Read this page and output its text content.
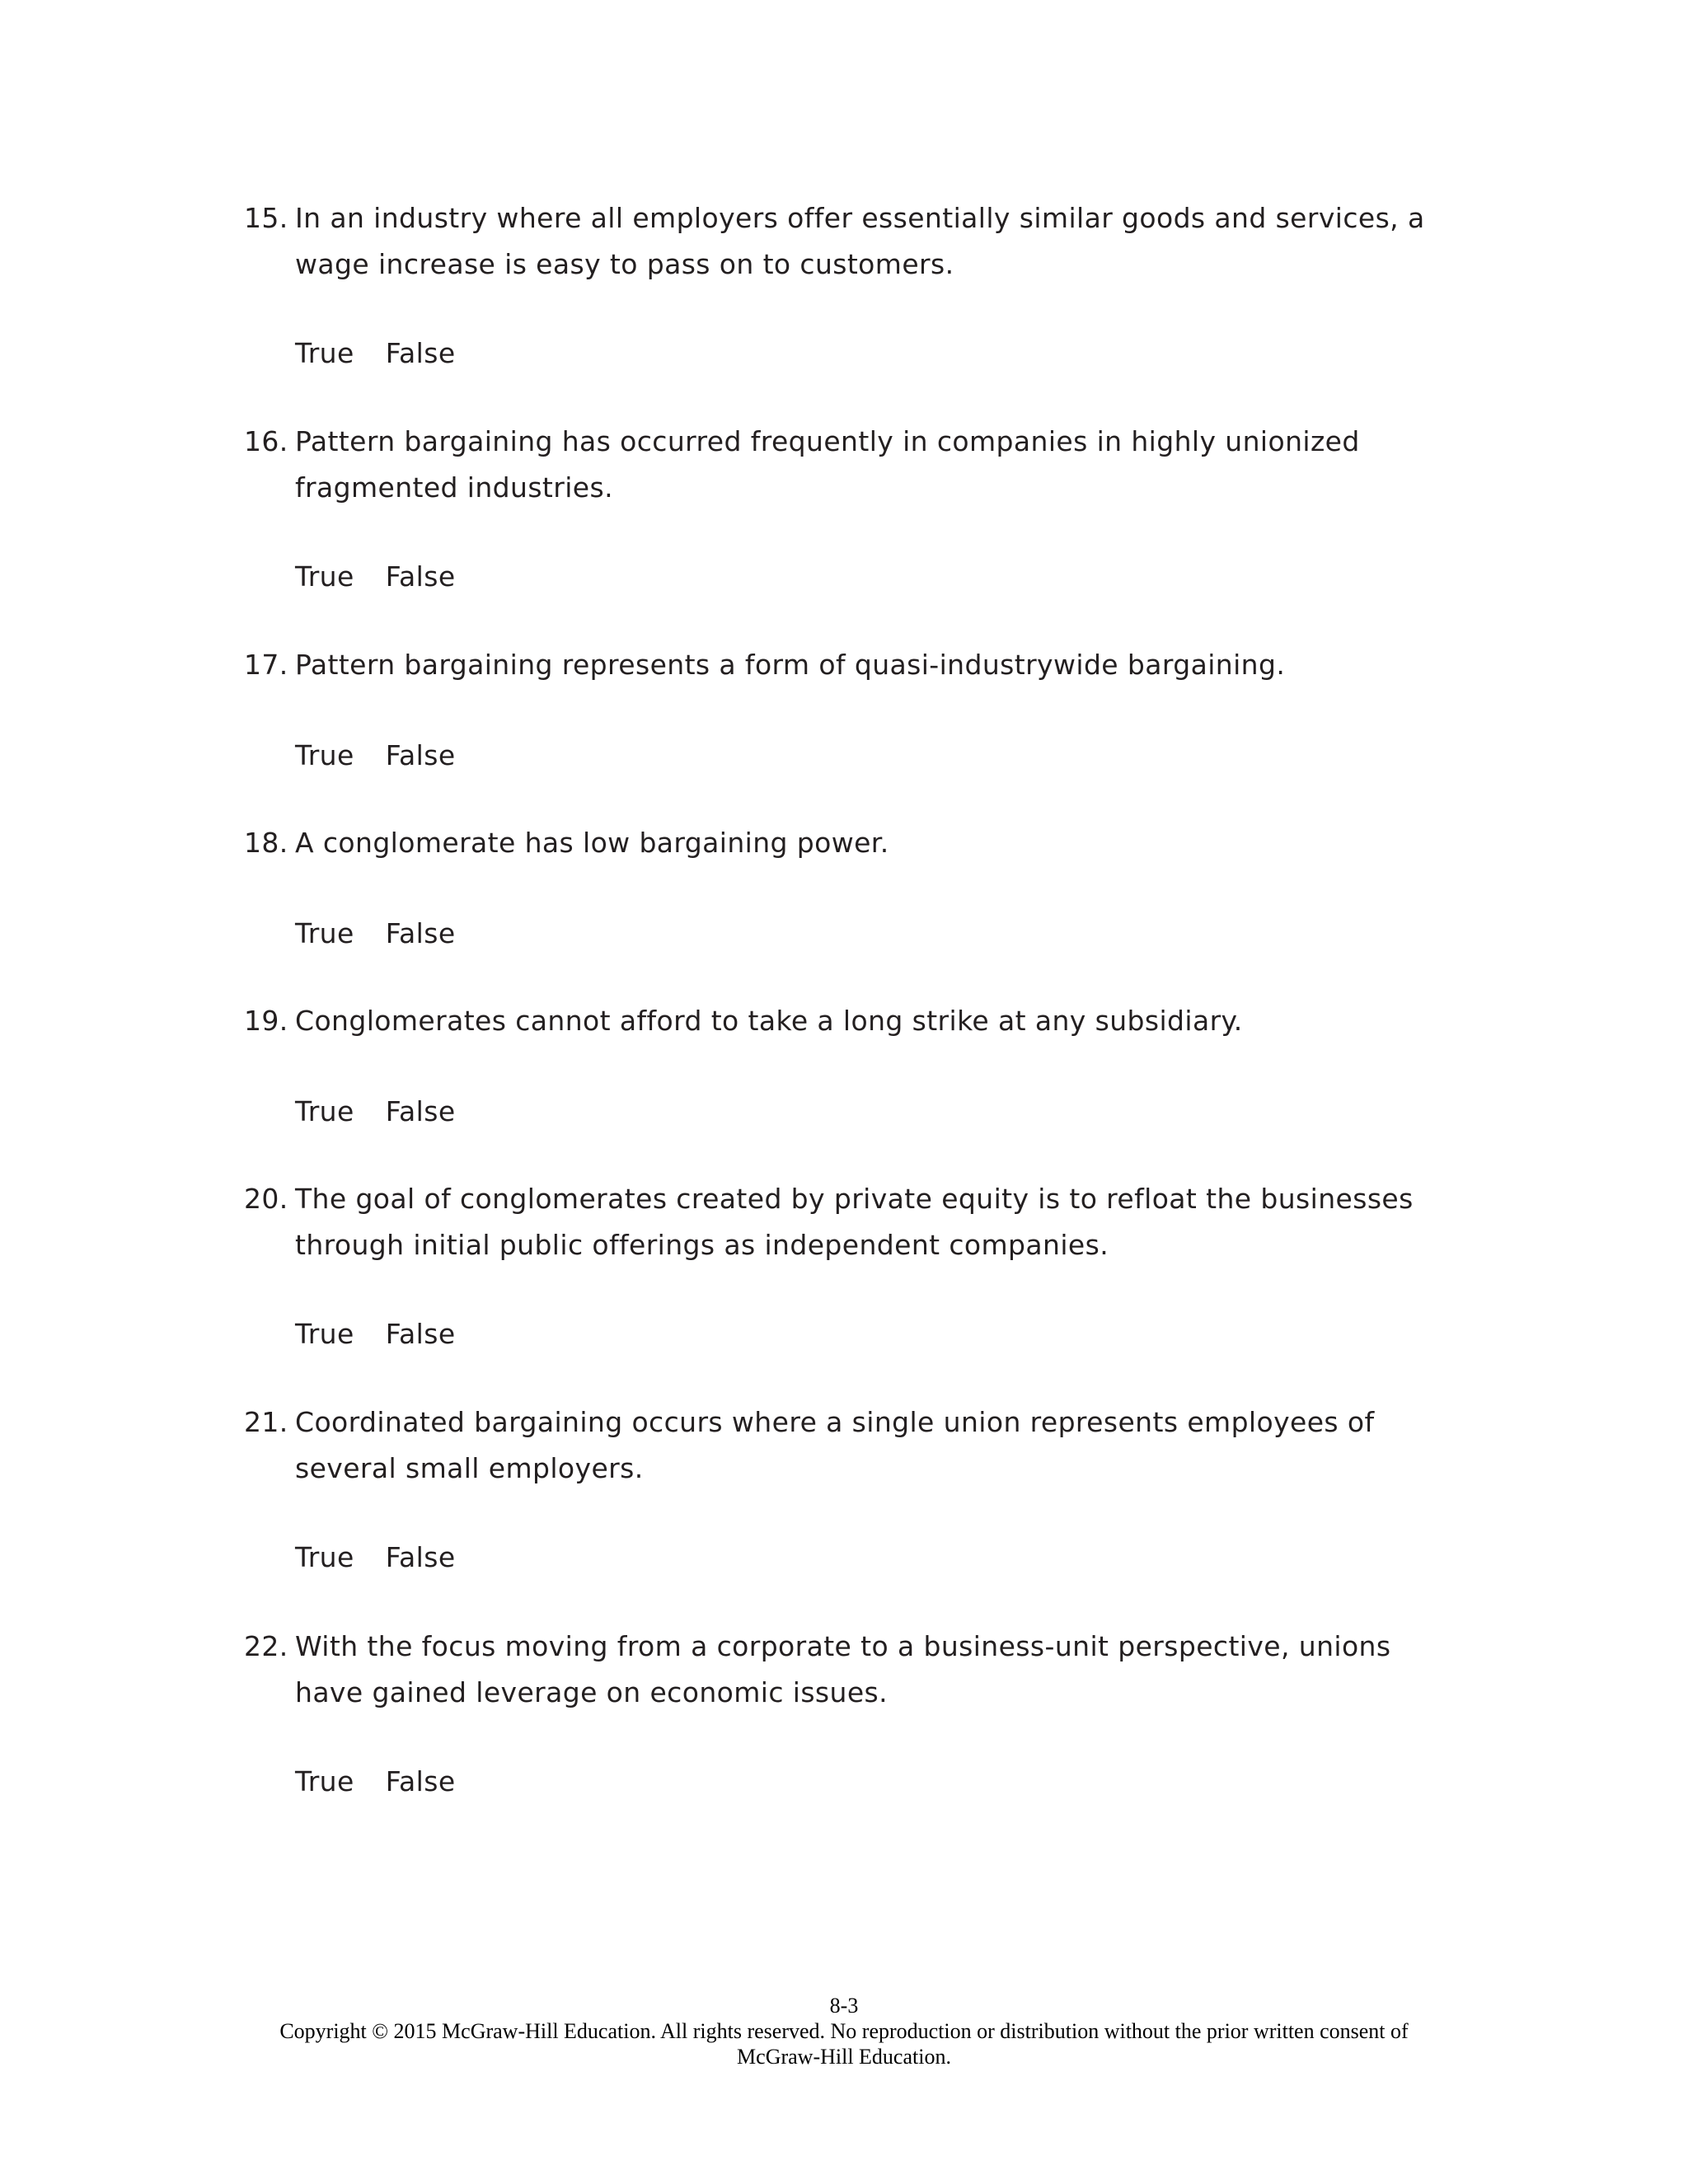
15. In an industry where all employers offer essentially similar goods and services, a wage increase is easy to pass on to customers.
True False
16. Pattern bargaining has occurred frequently in companies in highly unionized fragmented industries.
True False
17. Pattern bargaining represents a form of quasi-industrywide bargaining.
True False
18. A conglomerate has low bargaining power.
True False
19. Conglomerates cannot afford to take a long strike at any subsidiary.
True False
20. The goal of conglomerates created by private equity is to refloat the businesses through initial public offerings as independent companies.
True False
21. Coordinated bargaining occurs where a single union represents employees of several small employers.
True False
22. With the focus moving from a corporate to a business-unit perspective, unions have gained leverage on economic issues.
True False
8-3
Copyright © 2015 McGraw-Hill Education. All rights reserved. No reproduction or distribution without the prior written consent of McGraw-Hill Education.
